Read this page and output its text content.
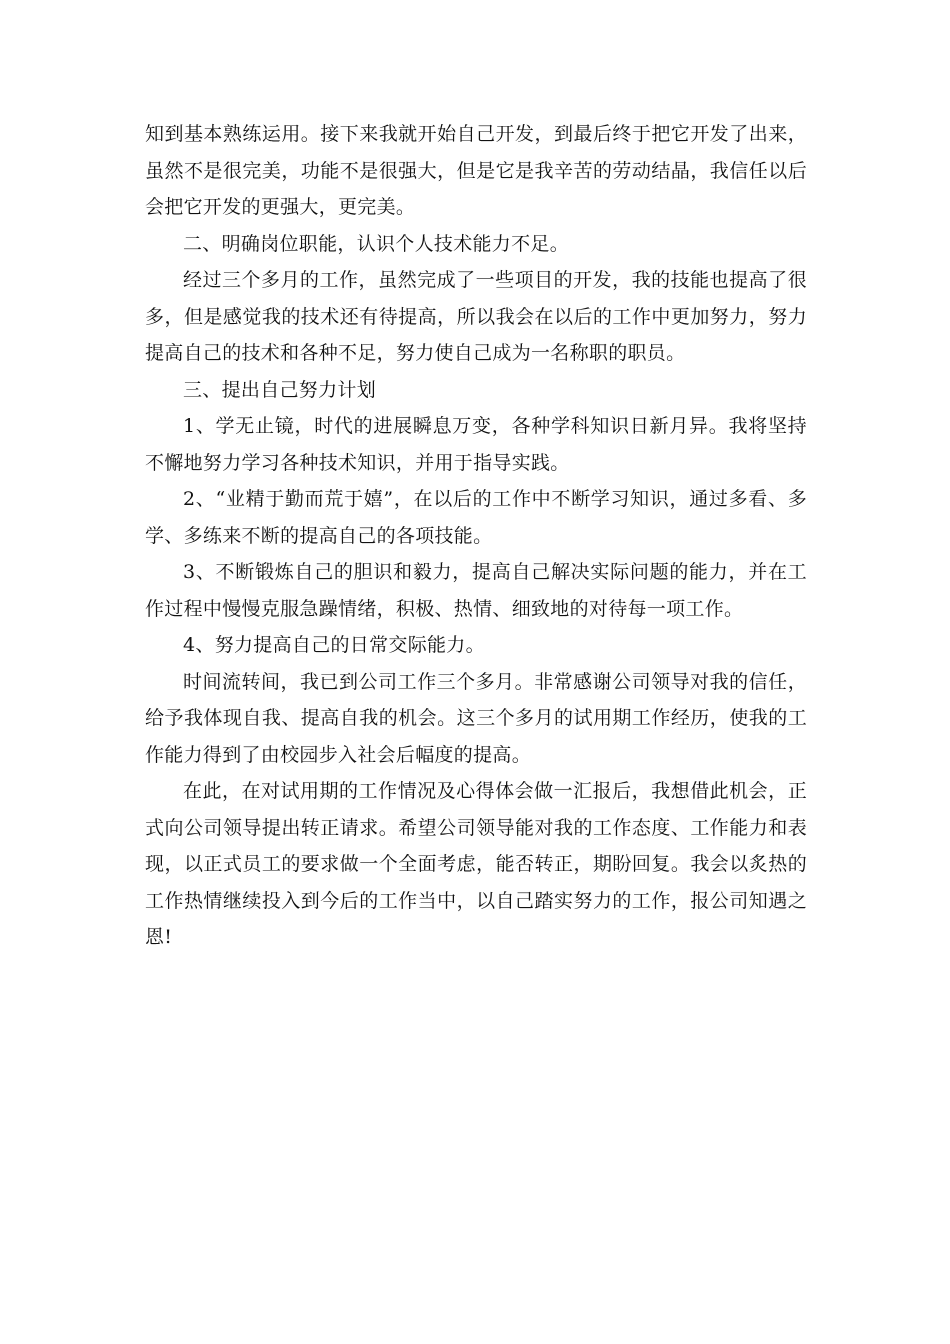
知到基本熟练运用。接下来我就开始自己开发，到最后终于把它开发了出来，虽然不是很完美，功能不是很强大，但是它是我辛苦的劳动结晶，我信任以后会把它开发的更强大，更完美。

二、明确岗位职能，认识个人技术能力不足。

经过三个多月的工作，虽然完成了一些项目的开发，我的技能也提高了很多，但是感觉我的技术还有待提高，所以我会在以后的工作中更加努力，努力提高自己的技术和各种不足，努力使自己成为一名称职的职员。

三、提出自己努力计划

1、学无止镜，时代的进展瞬息万变，各种学科知识日新月异。我将坚持不懈地努力学习各种技术知识，并用于指导实践。

2、“业精于勤而荒于嬉”，在以后的工作中不断学习知识，通过多看、多学、多练来不断的提高自己的各项技能。

3、不断锻炼自己的胆识和毅力，提高自己解决实际问题的能力，并在工作过程中慢慢克服急躁情绪，积极、热情、细致地的对待每一项工作。

4、努力提高自己的日常交际能力。

时间流转间，我已到公司工作三个多月。非常感谢公司领导对我的信任，给予我体现自我、提高自我的机会。这三个多月的试用期工作经历，使我的工作能力得到了由校园步入社会后幅度的提高。

在此，在对试用期的工作情况及心得体会做一汇报后，我想借此机会，正式向公司领导提出转正请求。希望公司领导能对我的工作态度、工作能力和表现，以正式员工的要求做一个全面考虑，能否转正，期盼回复。我会以炙热的工作热情继续投入到今后的工作当中，以自己踏实努力的工作，报公司知遇之恩!
